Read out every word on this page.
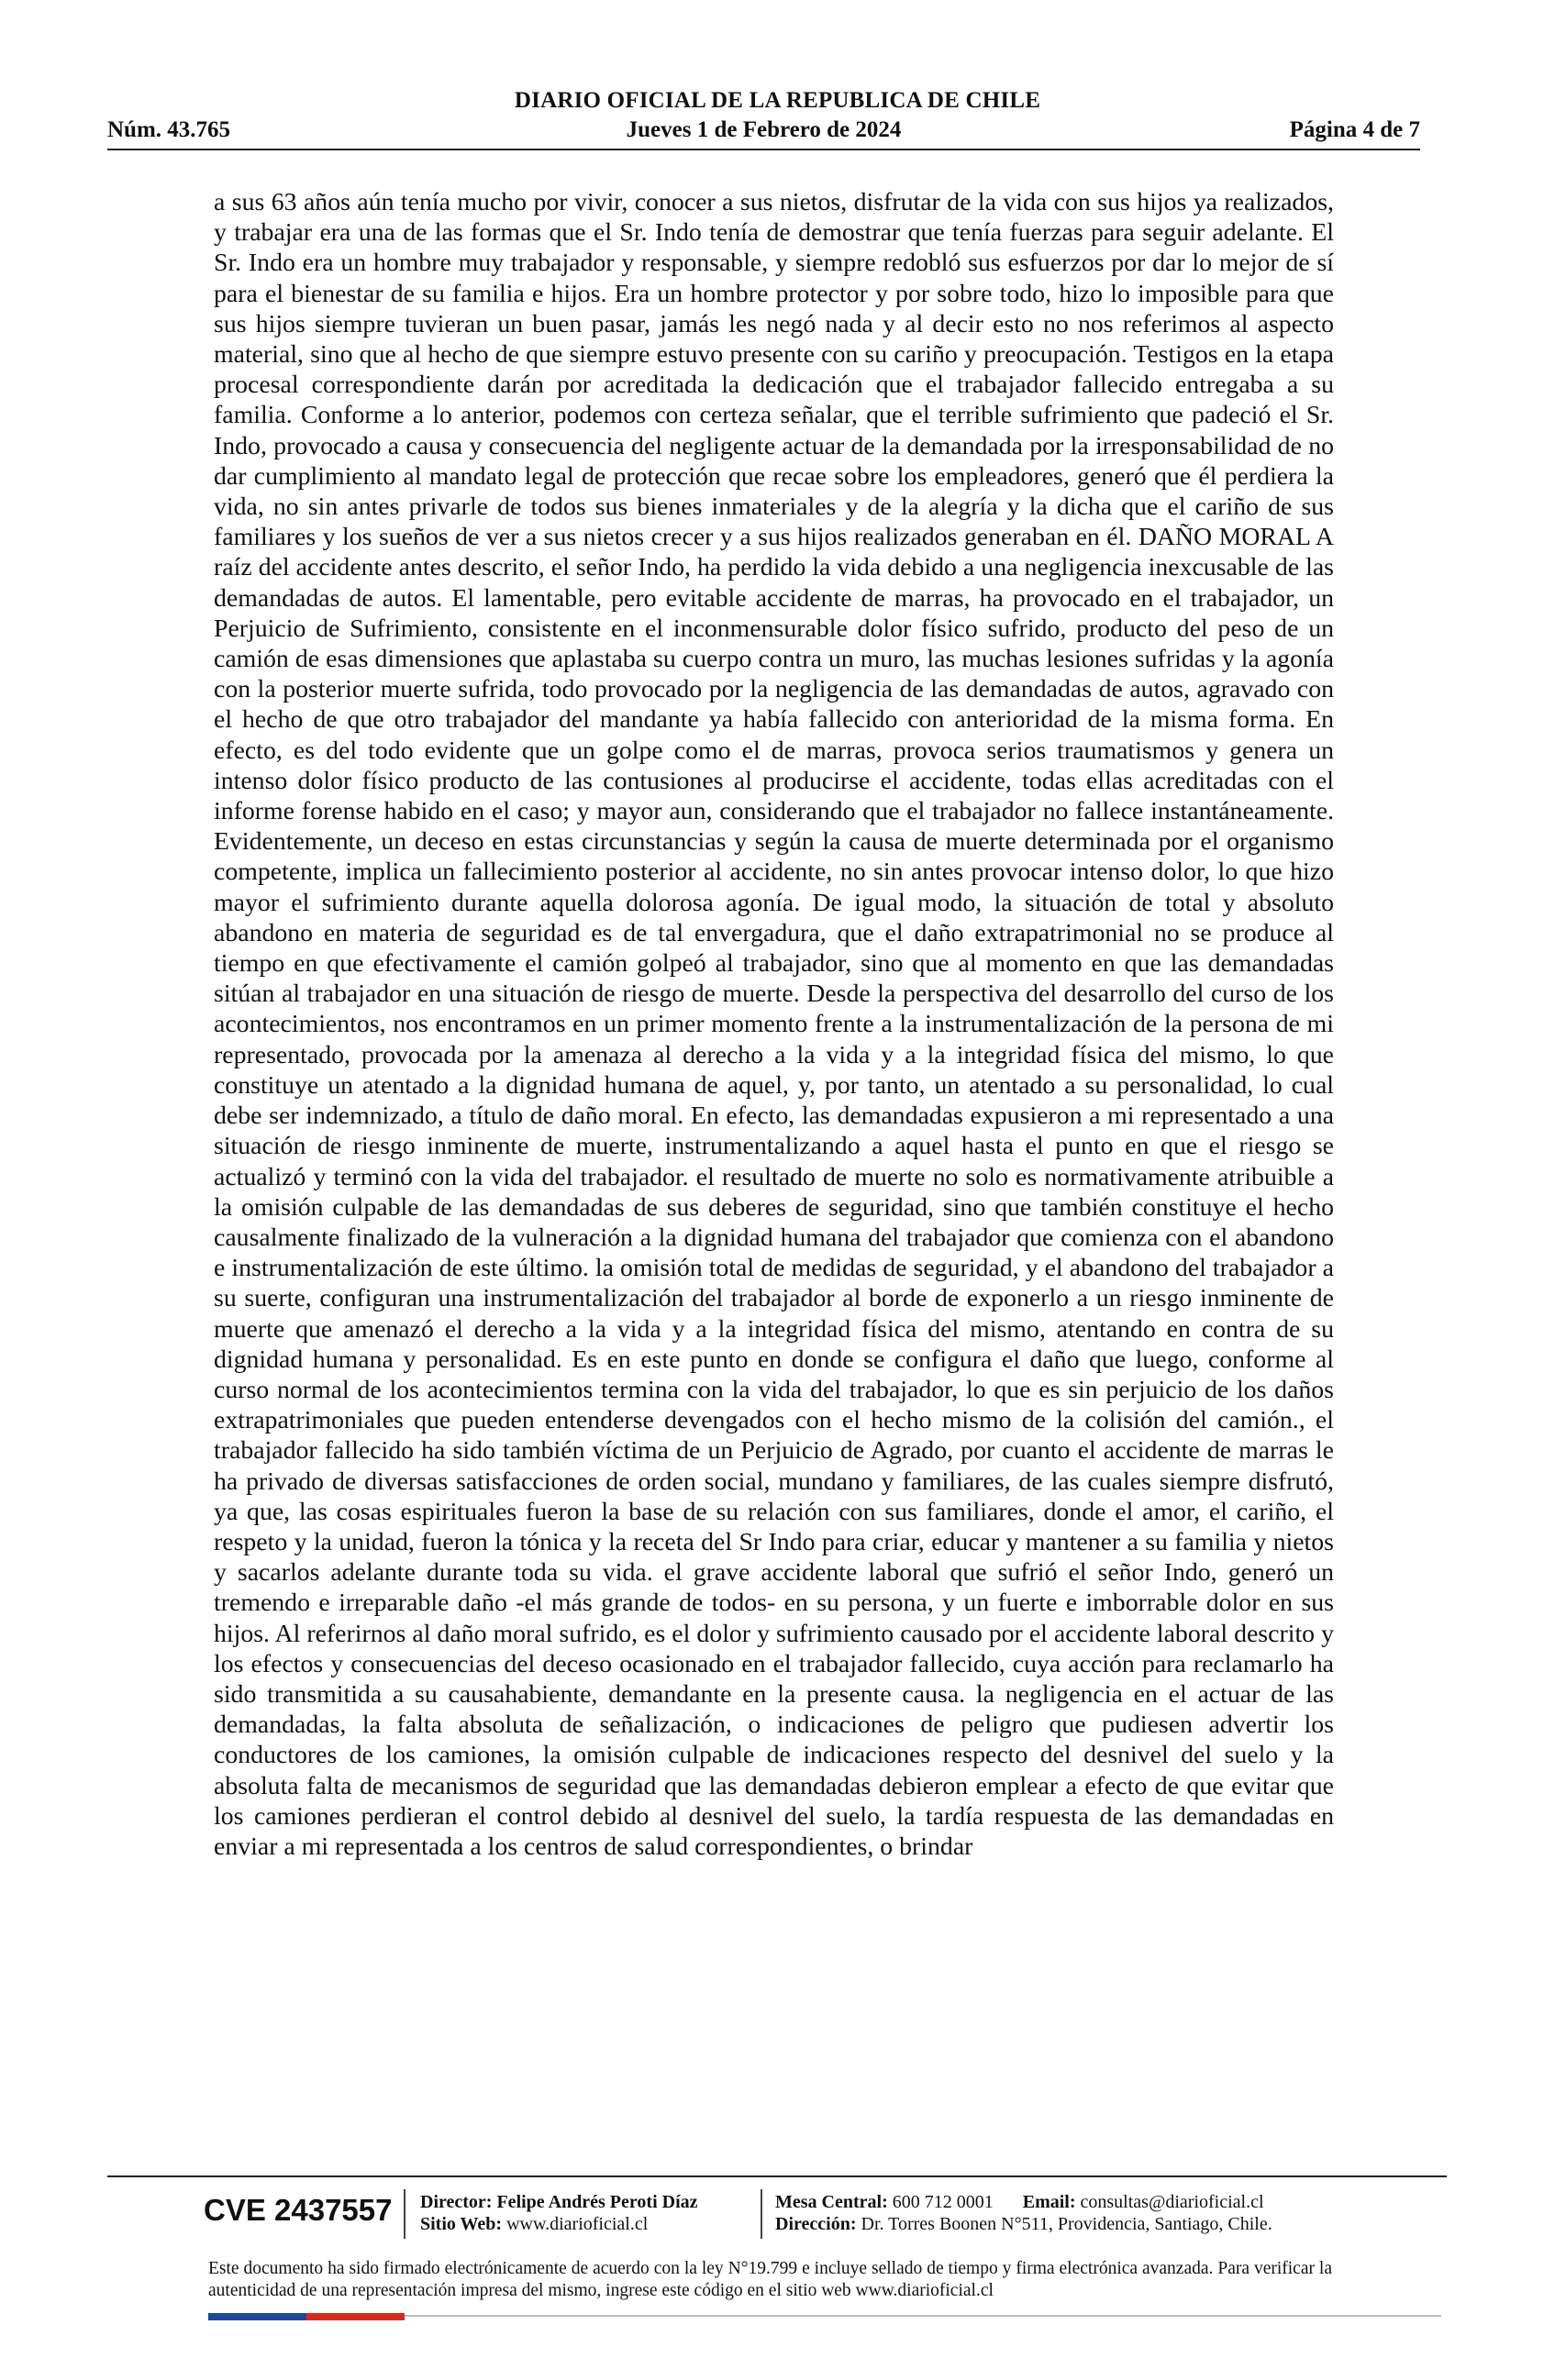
DIARIO OFICIAL DE LA REPUBLICA DE CHILE
Núm. 43.765	Jueves 1 de Febrero de 2024	Página 4 de 7

a sus 63 años aún tenía mucho por vivir, conocer a sus nietos, disfrutar de la vida con sus hijos ya realizados, y trabajar era una de las formas que el Sr. Indo tenía de demostrar que tenía fuerzas para seguir adelante. El Sr. Indo era un hombre muy trabajador y responsable, y siempre redobló sus esfuerzos por dar lo mejor de sí para el bienestar de su familia e hijos. Era un hombre protector y por sobre todo, hizo lo imposible para que sus hijos siempre tuvieran un buen pasar, jamás les negó nada y al decir esto no nos referimos al aspecto material, sino que al hecho de que siempre estuvo presente con su cariño y preocupación. Testigos en la etapa procesal correspondiente darán por acreditada la dedicación que el trabajador fallecido entregaba a su familia. Conforme a lo anterior, podemos con certeza señalar, que el terrible sufrimiento que padeció el Sr. Indo, provocado a causa y consecuencia del negligente actuar de la demandada por la irresponsabilidad de no dar cumplimiento al mandato legal de protección que recae sobre los empleadores, generó que él perdiera la vida, no sin antes privarle de todos sus bienes inmateriales y de la alegría y la dicha que el cariño de sus familiares y los sueños de ver a sus nietos crecer y a sus hijos realizados generaban en él. DAÑO MORAL A raíz del accidente antes descrito, el señor Indo, ha perdido la vida debido a una negligencia inexcusable de las demandadas de autos. El lamentable, pero evitable accidente de marras, ha provocado en el trabajador, un Perjuicio de Sufrimiento, consistente en el inconmensurable dolor físico sufrido, producto del peso de un camión de esas dimensiones que aplastaba su cuerpo contra un muro, las muchas lesiones sufridas y la agonía con la posterior muerte sufrida, todo provocado por la negligencia de las demandadas de autos, agravado con el hecho de que otro trabajador del mandante ya había fallecido con anterioridad de la misma forma. En efecto, es del todo evidente que un golpe como el de marras, provoca serios traumatismos y genera un intenso dolor físico producto de las contusiones al producirse el accidente, todas ellas acreditadas con el informe forense habido en el caso; y mayor aun, considerando que el trabajador no fallece instantáneamente. Evidentemente, un deceso en estas circunstancias y según la causa de muerte determinada por el organismo competente, implica un fallecimiento posterior al accidente, no sin antes provocar intenso dolor, lo que hizo mayor el sufrimiento durante aquella dolorosa agonía. De igual modo, la situación de total y absoluto abandono en materia de seguridad es de tal envergadura, que el daño extrapatrimonial no se produce al tiempo en que efectivamente el camión golpeó al trabajador, sino que al momento en que las demandadas sitúan al trabajador en una situación de riesgo de muerte. Desde la perspectiva del desarrollo del curso de los acontecimientos, nos encontramos en un primer momento frente a la instrumentalización de la persona de mi representado, provocada por la amenaza al derecho a la vida y a la integridad física del mismo, lo que constituye un atentado a la dignidad humana de aquel, y, por tanto, un atentado a su personalidad, lo cual debe ser indemnizado, a título de daño moral. En efecto, las demandadas expusieron a mi representado a una situación de riesgo inminente de muerte, instrumentalizando a aquel hasta el punto en que el riesgo se actualizó y terminó con la vida del trabajador. el resultado de muerte no solo es normativamente atribuible a la omisión culpable de las demandadas de sus deberes de seguridad, sino que también constituye el hecho causalmente finalizado de la vulneración a la dignidad humana del trabajador que comienza con el abandono e instrumentalización de este último. la omisión total de medidas de seguridad, y el abandono del trabajador a su suerte, configuran una instrumentalización del trabajador al borde de exponerlo a un riesgo inminente de muerte que amenazó el derecho a la vida y a la integridad física del mismo, atentando en contra de su dignidad humana y personalidad. Es en este punto en donde se configura el daño que luego, conforme al curso normal de los acontecimientos termina con la vida del trabajador, lo que es sin perjuicio de los daños extrapatrimoniales que pueden entenderse devengados con el hecho mismo de la colisión del camión., el trabajador fallecido ha sido también víctima de un Perjuicio de Agrado, por cuanto el accidente de marras le ha privado de diversas satisfacciones de orden social, mundano y familiares, de las cuales siempre disfrutó, ya que, las cosas espirituales fueron la base de su relación con sus familiares, donde el amor, el cariño, el respeto y la unidad, fueron la tónica y la receta del Sr Indo para criar, educar y mantener a su familia y nietos y sacarlos adelante durante toda su vida. el grave accidente laboral que sufrió el señor Indo, generó un tremendo e irreparable daño -el más grande de todos- en su persona, y un fuerte e imborrable dolor en sus hijos. Al referirnos al daño moral sufrido, es el dolor y sufrimiento causado por el accidente laboral descrito y los efectos y consecuencias del deceso ocasionado en el trabajador fallecido, cuya acción para reclamarlo ha sido transmitida a su causahabiente, demandante en la presente causa. la negligencia en el actuar de las demandadas, la falta absoluta de señalización, o indicaciones de peligro que pudiesen advertir los conductores de los camiones, la omisión culpable de indicaciones respecto del desnivel del suelo y la absoluta falta de mecanismos de seguridad que las demandadas debieron emplear a efecto de que evitar que los camiones perdieran el control debido al desnivel del suelo, la tardía respuesta de las demandadas en enviar a mi representada a los centros de salud correspondientes, o brindar

CVE 2437557 Director: Felipe Andrés Peroti Díaz
Sitio Web: www.diarioficial.cl
Mesa Central: 600 712 0001 Email: consultas@diarioficial.cl
Dirección: Dr. Torres Boonen N°511, Providencia, Santiago, Chile.

Este documento ha sido firmado electrónicamente de acuerdo con la ley N°19.799 e incluye sellado de tiempo y firma electrónica avanzada. Para verificar la autenticidad de una representación impresa del mismo, ingrese este código en el sitio web www.diarioficial.cl
